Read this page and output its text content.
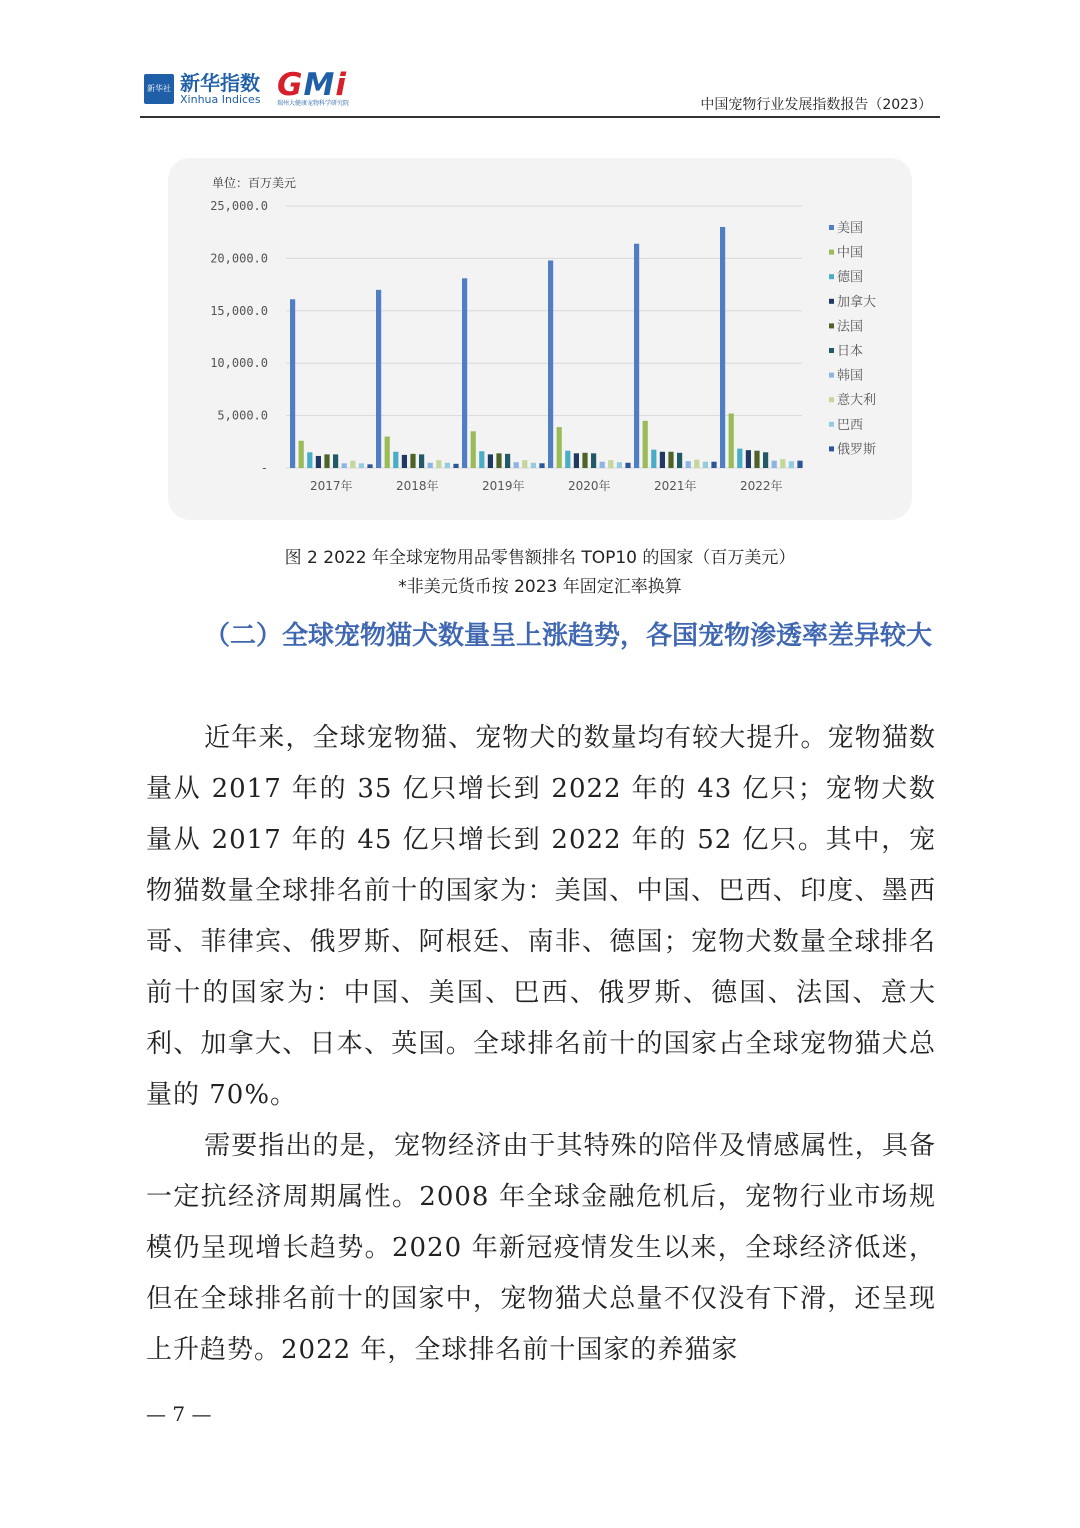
新华社 新华指数
Xinhua Indices GMi
瑞州大健康宠物科学研究院	中国宠物行业发展指数报告（2023）
单位：百万美元
25,000.0
20,000.0
15,000.0
10,000.0
5,000.0
-
2017年	2018年	2019年	2020年	2021年	2022年
美国
中国
德国
加拿大
法国
日本
韩国
意大利
巴西
俄罗斯
图 2 2022 年全球宠物用品零售额排名 TOP10 的国家（百万美元）
*非美元货币按 2023 年固定汇率换算
（二）全球宠物猫犬数量呈上涨趋势，各国宠物渗透率差异较大
近年来，全球宠物猫、宠物犬的数量均有较大提升。宠物猫数量从 2017 年的 35 亿只增长到 2022 年的 43 亿只；宠物犬数量从 2017 年的 45 亿只增长到 2022 年的 52 亿只。其中，宠物猫数量全球排名前十的国家为：美国、中国、巴西、印度、墨西哥、菲律宾、俄罗斯、阿根廷、南非、德国；宠物犬数量全球排名前十的国家为：中国、美国、巴西、俄罗斯、德国、法国、意大利、加拿大、日本、英国。全球排名前十的国家占全球宠物猫犬总量的 70%。
需要指出的是，宠物经济由于其特殊的陪伴及情感属性，具备一定抗经济周期属性。2008 年全球金融危机后，宠物行业市场规模仍呈现增长趋势。2020 年新冠疫情发生以来，全球经济低迷，但在全球排名前十的国家中，宠物猫犬总量不仅没有下滑，还呈现上升趋势。2022 年，全球排名前十国家的养猫家
— 7 —
